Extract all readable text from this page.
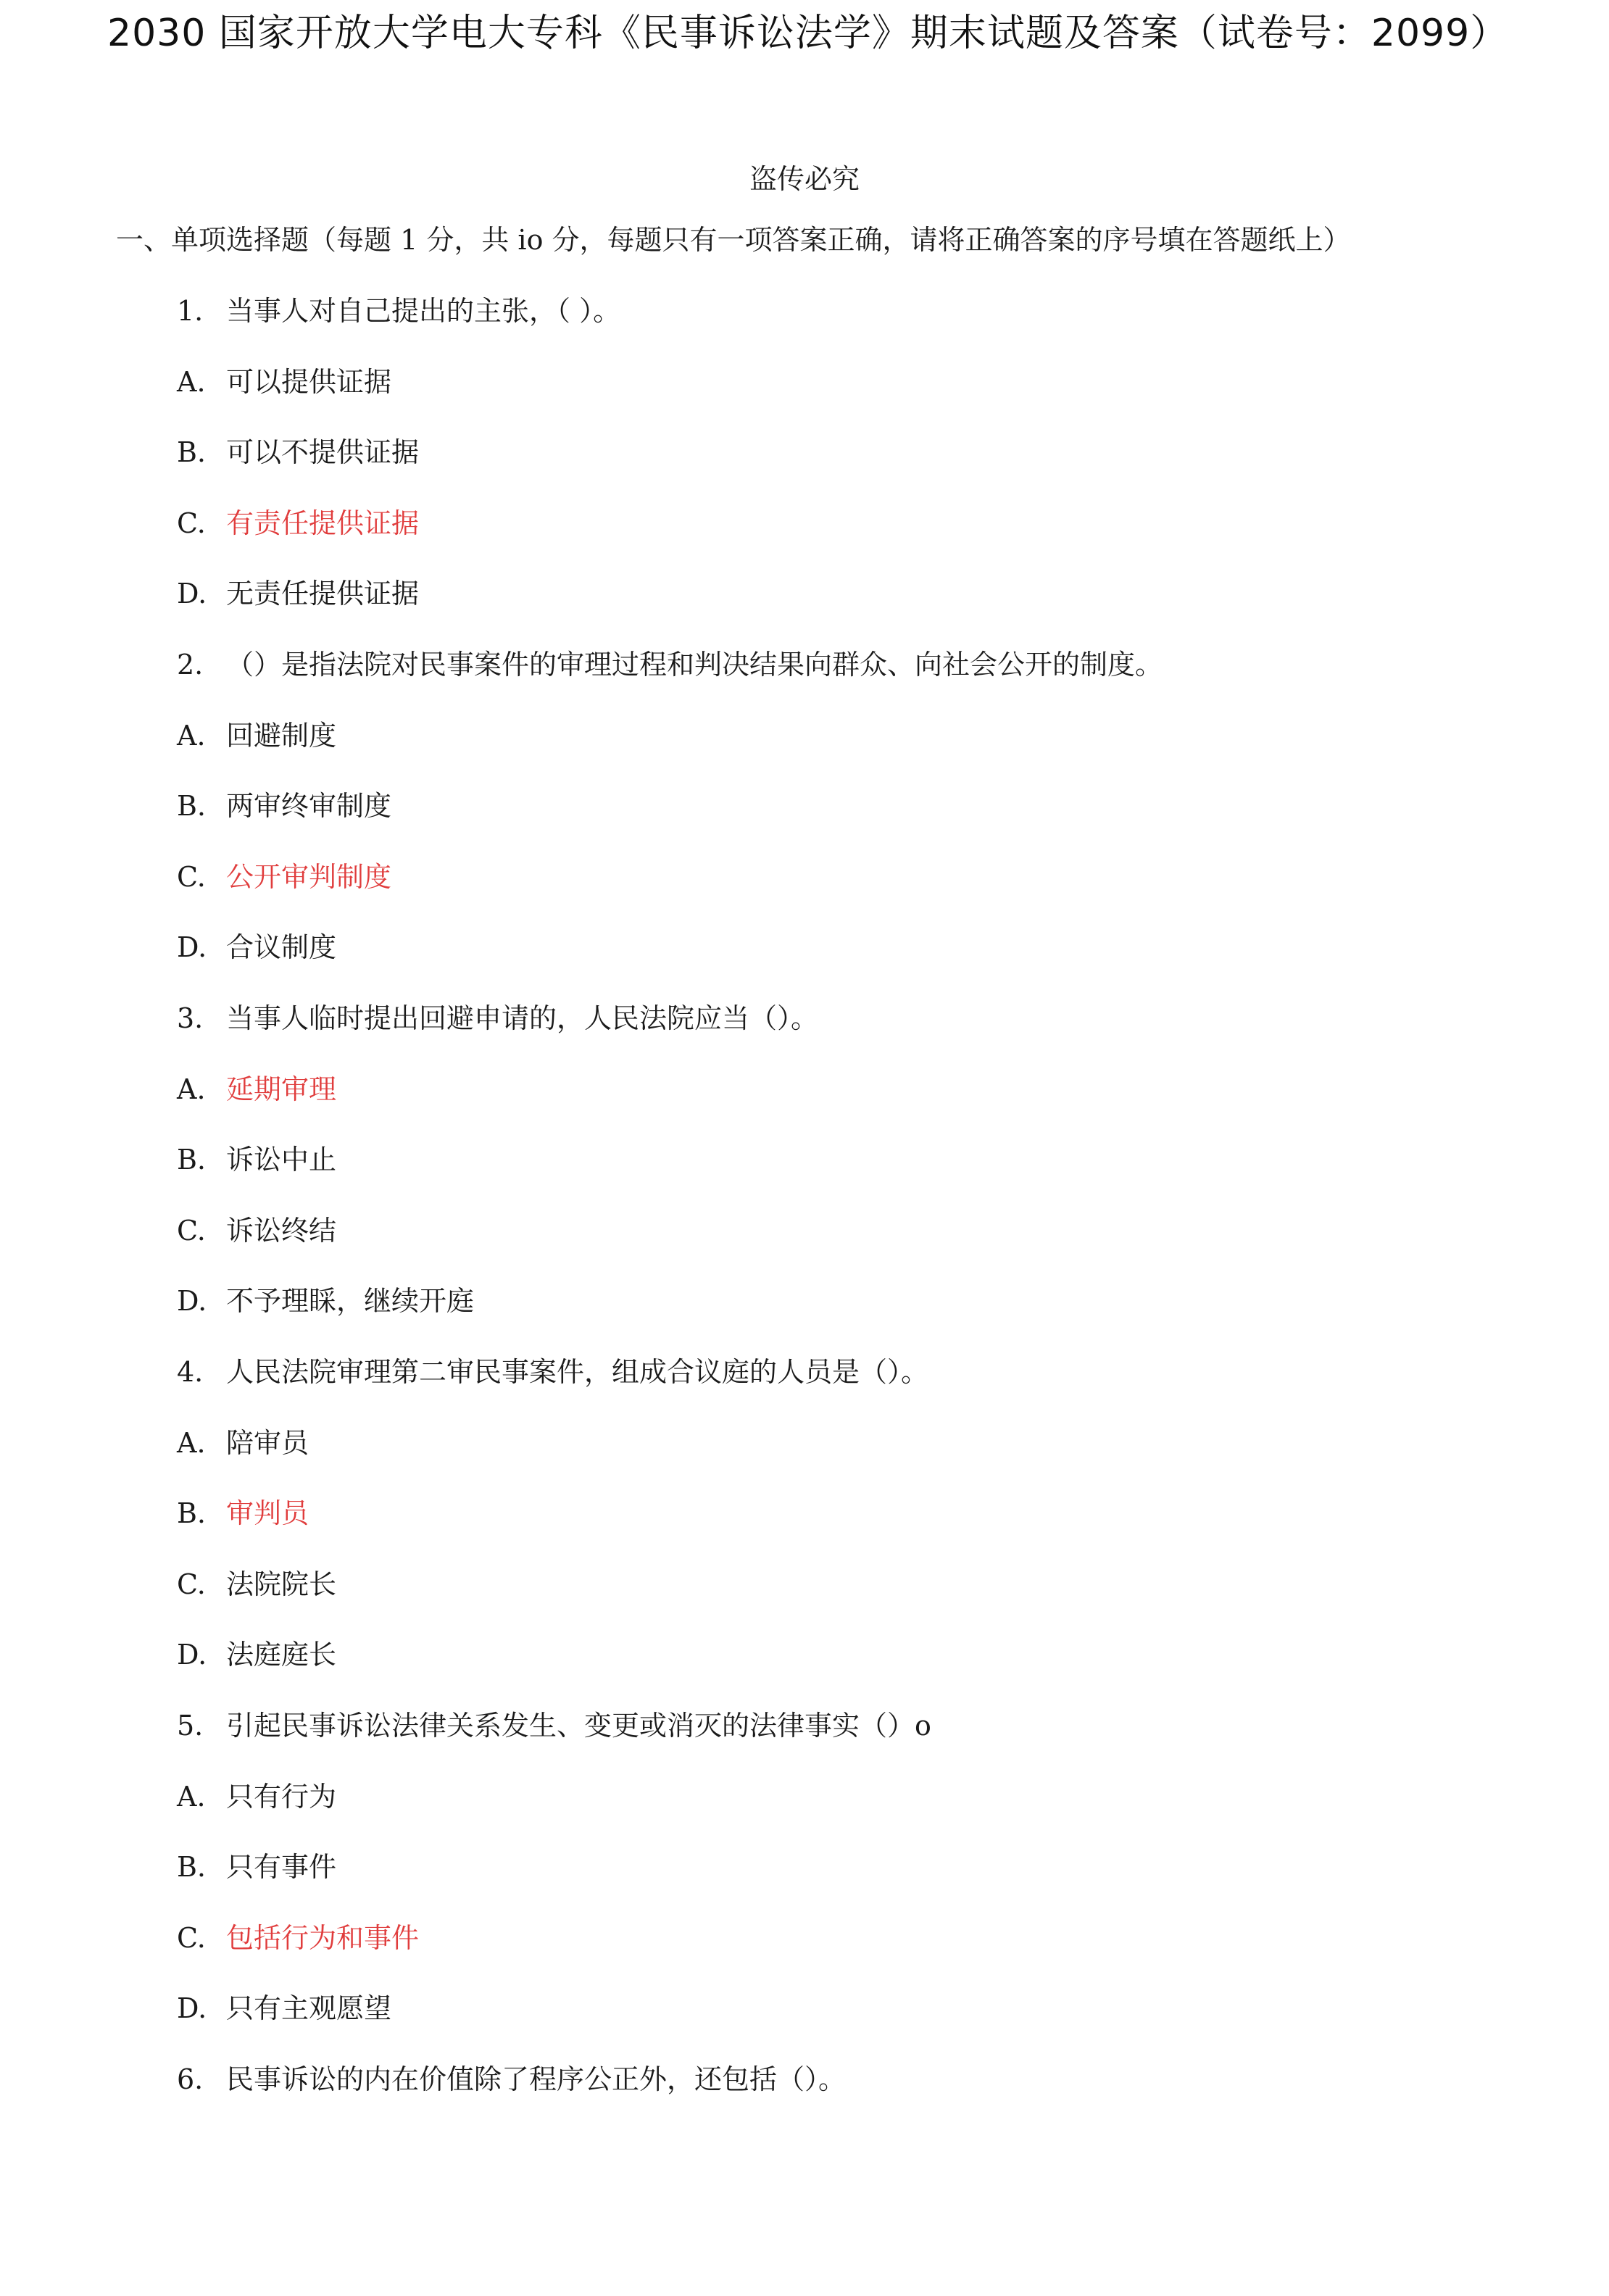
2030 国家开放大学电大专科《民事诉讼法学》期末试题及答案（试卷号：2099）
盗传必究
一、单项选择题（每题 1 分，共 io 分，每题只有一项答案正确，请将正确答案的序号填在答题纸上）
1. 当事人对自己提出的主张，（ ）。
A. 可以提供证据
B. 可以不提供证据
C. 有责任提供证据
D. 无责任提供证据
2. （）是指法院对民事案件的审理过程和判决结果向群众、向社会公开的制度。
A. 回避制度
B. 两审终审制度
C. 公开审判制度
D. 合议制度
3. 当事人临时提出回避申请的，人民法院应当（）。
A. 延期审理
B. 诉讼中止
C. 诉讼终结
D. 不予理睬，继续开庭
4. 人民法院审理第二审民事案件，组成合议庭的人员是（）。
A. 陪审员
B. 审判员
C. 法院院长
D. 法庭庭长
5. 引起民事诉讼法律关系发生、变更或消灭的法律事实（）o
A. 只有行为
B. 只有事件
C. 包括行为和事件
D. 只有主观愿望
6. 民事诉讼的内在价值除了程序公正外，还包括（）。
